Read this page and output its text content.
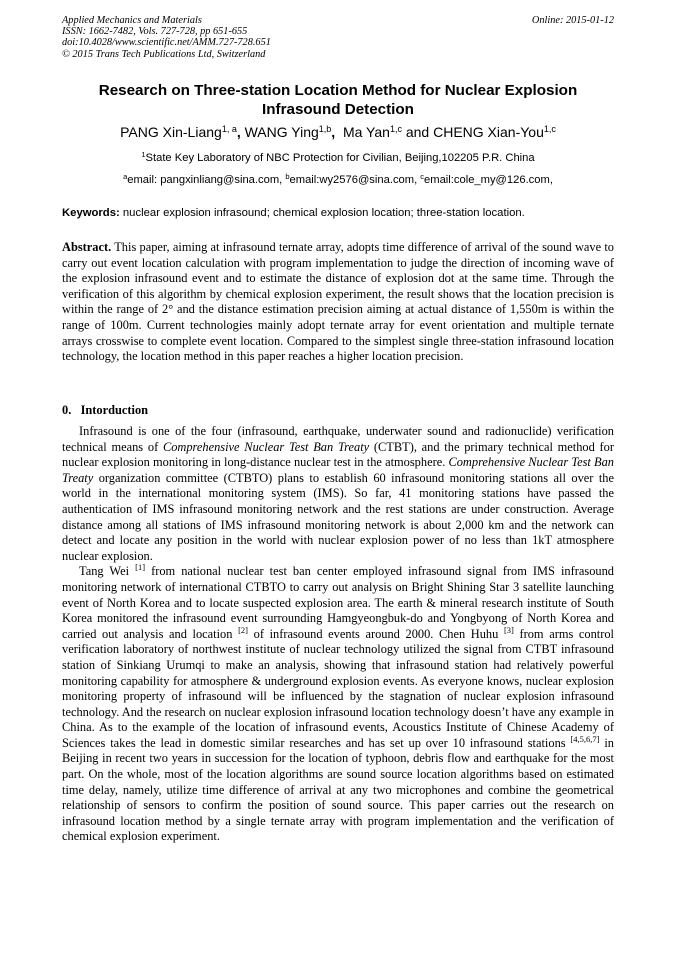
Applied Mechanics and Materials	Online: 2015-01-12
ISSN: 1662-7482, Vols. 727-728, pp 651-655
doi:10.4028/www.scientific.net/AMM.727-728.651
© 2015 Trans Tech Publications Ltd, Switzerland
Research on Three-station Location Method for Nuclear Explosion
Infrasound Detection
PANG Xin-Liang$^{1, a}$, WANG Ying$^{1,b}$,  Ma Yan$^{1,c}$ and CHENG Xian-You$^{1,c}$
$^1$State Key Laboratory of NBC Protection for Civilian, Beijing,102205 P.R. China
$^a$email: pangxinliang@sina.com, $^b$email:wy2576@sina.com, $^c$email:cole_my@126.com,
Keywords: nuclear explosion infrasound; chemical explosion location; three-station location.
Abstract. This paper, aiming at infrasound ternate array, adopts time difference of arrival of the sound wave to carry out event location calculation with program implementation to judge the direction of incoming wave of the explosion infrasound event and to estimate the distance of explosion dot at the same time. Through the verification of this algorithm by chemical explosion experiment, the result shows that the location precision is within the range of 2° and the distance estimation precision aiming at actual distance of 1,550m is within the range of 100m. Current technologies mainly adopt ternate array for event orientation and multiple ternate arrays crosswise to complete event location. Compared to the simplest single three-station infrasound location technology, the location method in this paper reaches a higher location precision.
0.   Intorduction

Infrasound is one of the four (infrasound, earthquake, underwater sound and radionuclide) verification technical means of Comprehensive Nuclear Test Ban Treaty (CTBT), and the primary technical method for nuclear explosion monitoring in long-distance nuclear test in the atmosphere. Comprehensive Nuclear Test Ban Treaty organization committee (CTBTO) plans to establish 60 infrasound monitoring stations all over the world in the international monitoring system (IMS). So far, 41 monitoring stations have passed the authentication of IMS infrasound monitoring network and the rest stations are under construction. Average distance among all stations of IMS infrasound monitoring network is about 2,000 km and the network can detect and locate any position in the world with nuclear explosion power of no less than 1kT atmosphere nuclear explosion.

Tang Wei [1] from national nuclear test ban center employed infrasound signal from IMS infrasound monitoring network of international CTBTO to carry out analysis on Bright Shining Star 3 satellite launching event of North Korea and to locate suspected explosion area. The earth & mineral research institute of South Korea monitored the infrasound event surrounding Hamgyeongbuk-do and Yongbyong of North Korea and carried out analysis and location [2] of infrasound events around 2000. Chen Huhu [3] from arms control verification laboratory of northwest institute of nuclear technology utilized the signal from CTBT infrasound station of Sinkiang Urumqi to make an analysis, showing that infrasound station had relatively powerful monitoring capability for atmosphere & underground explosion events. As everyone knows, nuclear explosion monitoring property of infrasound will be influenced by the stagnation of nuclear explosion infrasound technology. And the research on nuclear explosion infrasound location technology doesn’t have any example in China. As to the example of the location of infrasound events, Acoustics Institute of Chinese Academy of Sciences takes the lead in domestic similar researches and has set up over 10 infrasound stations [4,5,6,7] in Beijing in recent two years in succession for the location of typhoon, debris flow and earthquake for the most part. On the whole, most of the location algorithms are sound source location algorithms based on estimated time delay, namely, utilize time difference of arrival at any two microphones and combine the geometrical relationship of sensors to confirm the position of sound source. This paper carries out the research on infrasound location method by a single ternate array with program implementation and the verification of chemical explosion experiment.
